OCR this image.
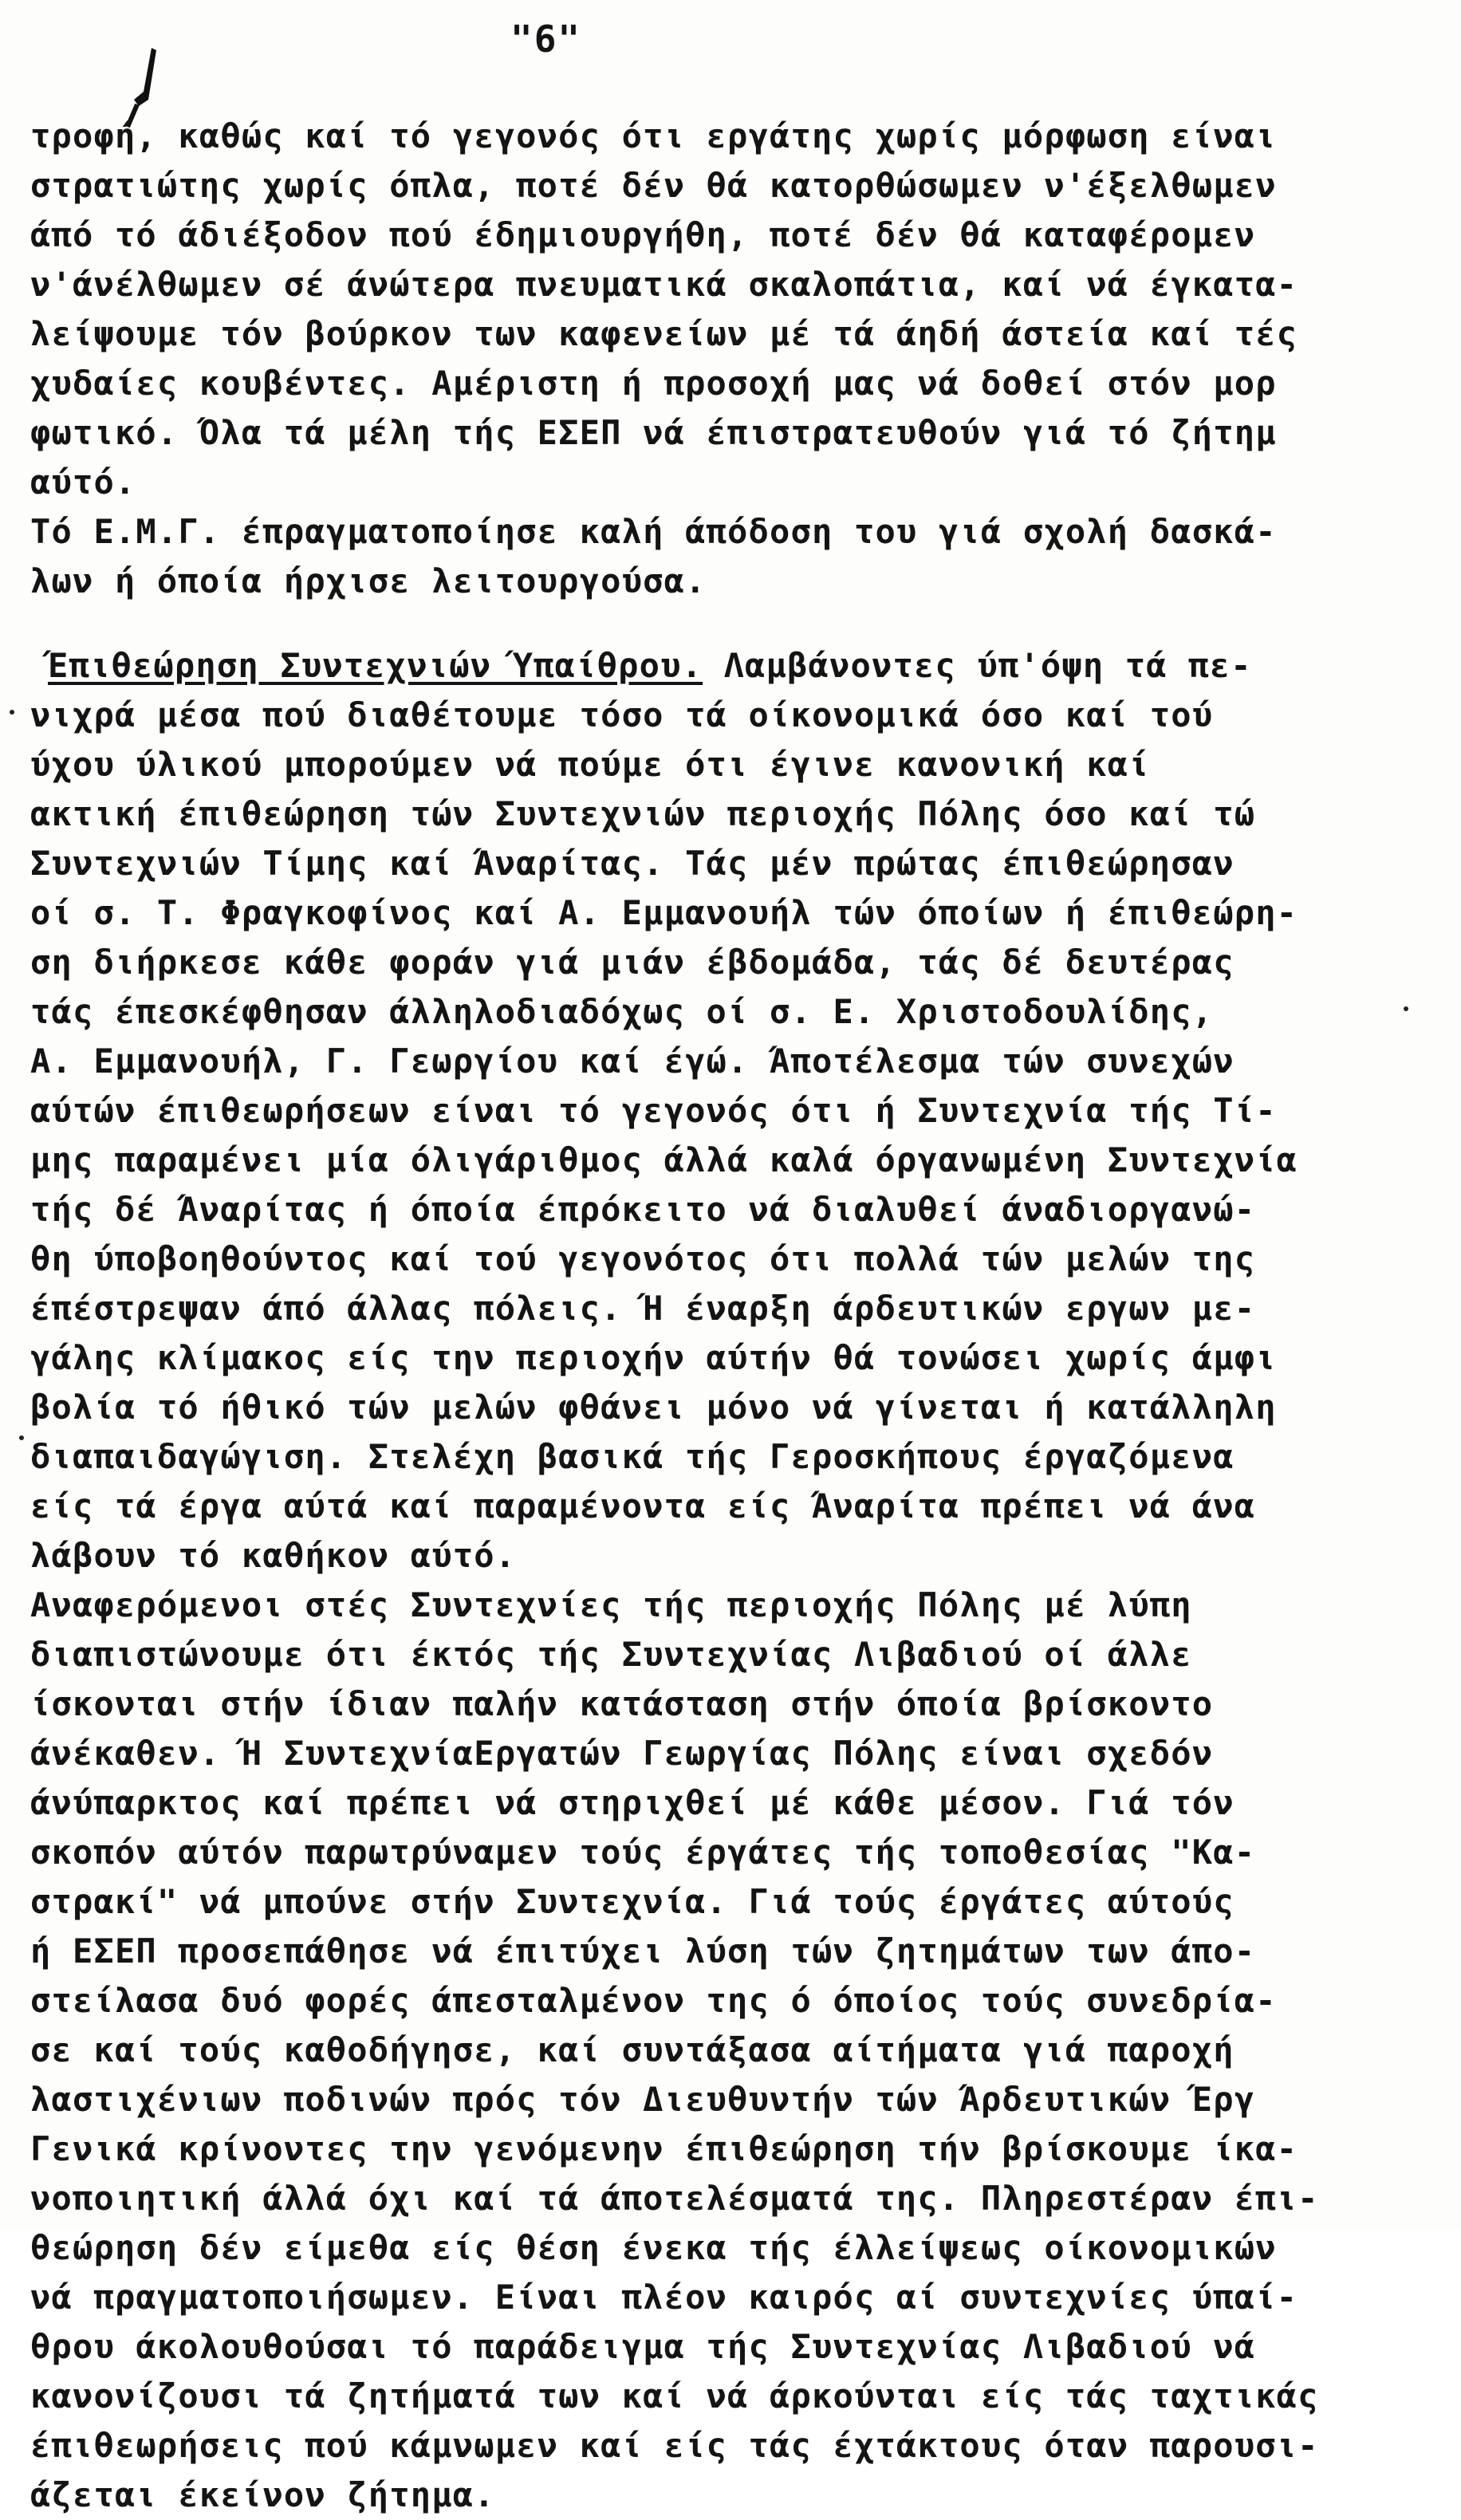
"6"
τροφή, καθώς καί τό γεγονός ότι εργάτης χωρίς μόρφωση είναι
στρατιώτης χωρίς όπλα, ποτέ δέν θά κατορθώσωμεν ν'έξελθωμεν
άπό τό άδιέξοδον πού έδημιουργήθη, ποτέ δέν θά καταφέρομεν
ν'άνέλθωμεν σέ άνώτερα πνευματικά σκαλοπάτια, καί νά έγκατα-
λείψουμε τόν βούρκον των καφενείων μέ τά άηδή άστεία καί τές
χυδαίες κουβέντες. Αμέριστη ή προσοχή μας νά δοθεί στόν μορ
φωτικό. Όλα τά μέλη τής ΕΣΕΠ νά έπιστρατευθούν γιά τό ζήτημ
αύτό.
Τό Ε.Μ.Γ. έπραγματοποίησε καλή άπόδοση του γιά σχολή δασκά-
λων ή όποία ήρχισε λειτουργούσα.
Έπιθεώρηση Συντεχνιών Ύπαίθρου. Λαμβάνοντες ύπ'όψη τά πε-
νιχρά μέσα πού διαθέτουμε τόσο τά οίκονομικά όσο καί τού
ύχου ύλικού μπορούμεν νά πούμε ότι έγινε κανονική καί
ακτική έπιθεώρηση τών Συντεχνιών περιοχής Πόλης όσο καί τώ
Συντεχνιών Τίμης καί Άναρίτας. Τάς μέν πρώτας έπιθεώρησαν
οί σ. Τ. Φραγκοφίνος καί Α. Εμμανουήλ τών όποίων ή έπιθεώρη-
ση διήρκεσε κάθε φοράν γιά μιάν έβδομάδα, τάς δέ δευτέρας
τάς έπεσκέφθησαν άλληλοδιαδόχως οί σ. Ε. Χριστοδουλίδης,
Α. Εμμανουήλ, Γ. Γεωργίου καί έγώ. Άποτέλεσμα τών συνεχών
αύτών έπιθεωρήσεων είναι τό γεγονός ότι ή Συντεχνία τής Τί-
μης παραμένει μία όλιγάριθμος άλλά καλά όργανωμένη Συντεχνία
τής δέ Άναρίτας ή όποία έπρόκειτο νά διαλυθεί άναδιοργανώ-
θη ύποβοηθούντος καί τού γεγονότος ότι πολλά τών μελών της
έπέστρεψαν άπό άλλας πόλεις. Ή έναρξη άρδευτικών εργων με-
γάλης κλίμακος είς την περιοχήν αύτήν θά τονώσει χωρίς άμφι
βολία τό ήθικό τών μελών φθάνει μόνο νά γίνεται ή κατάλληλη
διαπαιδαγώγιση. Στελέχη βασικά τής Γεροσκήπους έργαζόμενα
είς τά έργα αύτά καί παραμένοντα είς Άναρίτα πρέπει νά άνα
λάβουν τό καθήκον αύτό.
Αναφερόμενοι στές Συντεχνίες τής περιοχής Πόλης μέ λύπη
διαπιστώνουμε ότι έκτός τής Συντεχνίας Λιβαδιού οί άλλε
ίσκονται στήν ίδιαν παλήν κατάσταση στήν όποία βρίσκοντο
άνέκαθεν. Ή ΣυντεχνίαΕργατών Γεωργίας Πόλης είναι σχεδόν
άνύπαρκτος καί πρέπει νά στηριχθεί μέ κάθε μέσον. Γιά τόν
σκοπόν αύτόν παρωτρύναμεν τούς έργάτες τής τοποθεσίας "Κα-
στρακί" νά μπούνε στήν Συντεχνία. Γιά τούς έργάτες αύτούς
ή ΕΣΕΠ προσεπάθησε νά έπιτύχει λύση τών ζητημάτων των άπο-
στείλασα δυό φορές άπεσταλμένον της ό όποίος τούς συνεδρία-
σε καί τούς καθοδήγησε, καί συντάξασα αίτήματα γιά παροχή
λαστιχένιων ποδινών πρός τόν Διευθυντήν τών Άρδευτικών Έργ
Γενικά κρίνοντες την γενόμενην έπιθεώρηση τήν βρίσκουμε ίκα-
νοποιητική άλλά όχι καί τά άποτελέσματά της. Πληρεστέραν έπι-
θεώρηση δέν είμεθα είς θέση ένεκα τής έλλείψεως οίκονομικών
νά πραγματοποιήσωμεν. Είναι πλέον καιρός αί συντεχνίες ύπαί-
θρου άκολουθούσαι τό παράδειγμα τής Συντεχνίας Λιβαδιού νά
κανονίζουσι τά ζητήματά των καί νά άρκούνται είς τάς ταχτικάς
έπιθεωρήσεις πού κάμνωμεν καί είς τάς έχτάκτους όταν παρουσι-
άζεται έκείνον ζήτημα.
